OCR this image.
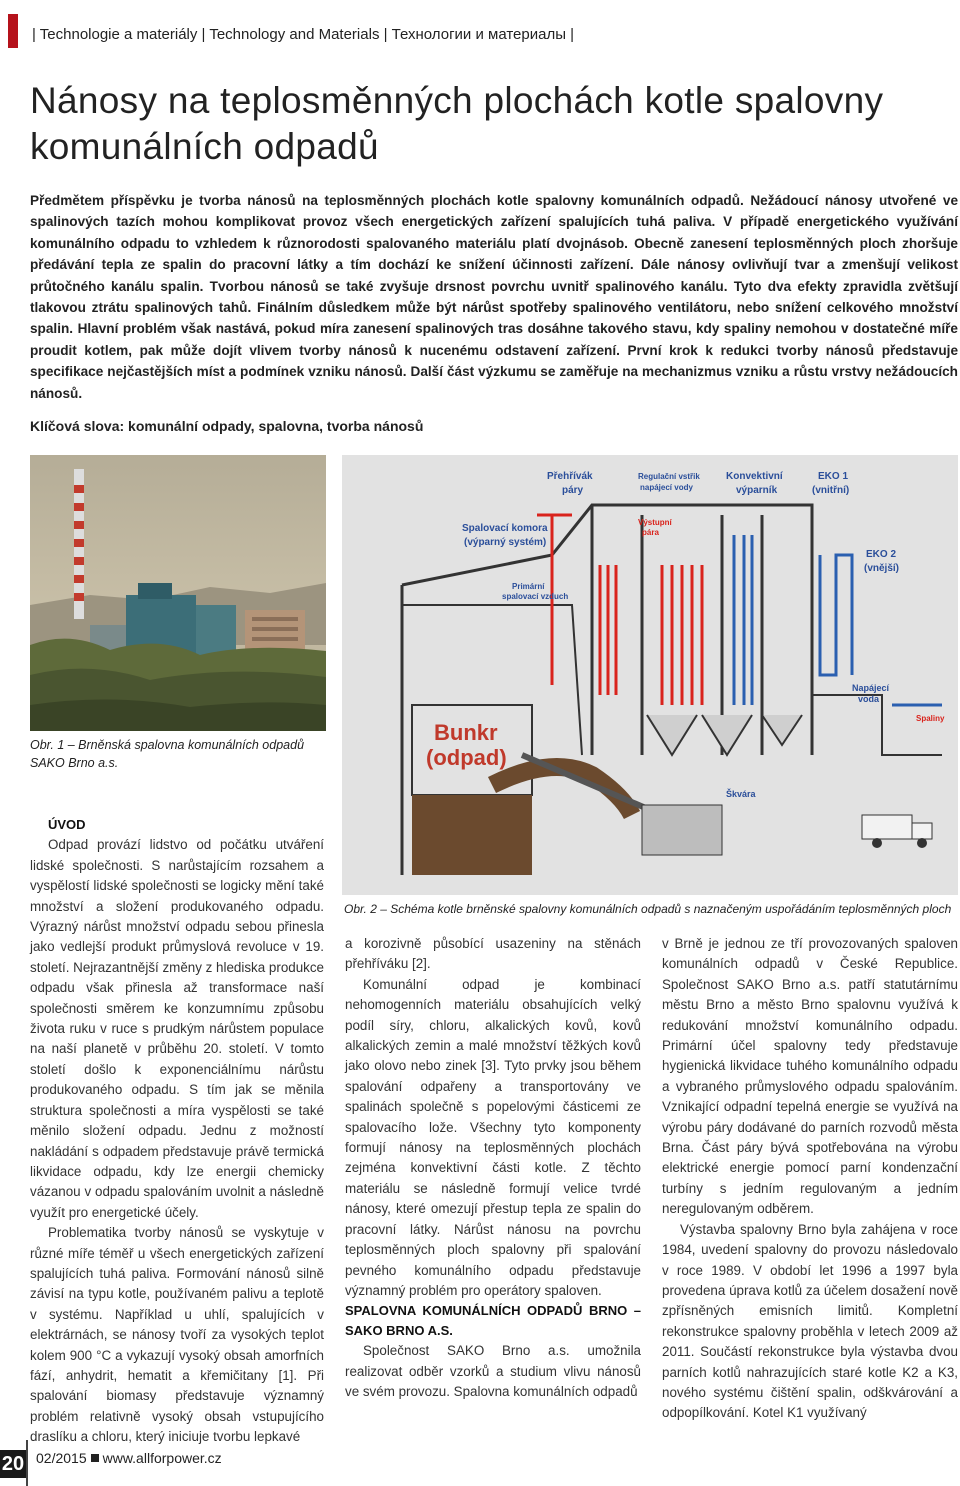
| Technologie a materiály | Technology and Materials | Технологии и материалы |
Nánosy na teplosměnných plochách kotle spalovny komunálních odpadů

Předmětem příspěvku je tvorba nánosů na teplosměnných plochách kotle spalovny komunálních odpadů. Nežádoucí nánosy utvořené ve spalinových tazích mohou komplikovat provoz všech energetických zařízení spalujících tuhá paliva. V případě energetického využívání komunálního odpadu to vzhledem k různorodosti spalovaného materiálu platí dvojnásob. Obecně zanesení teplosměnných ploch zhoršuje předávání tepla ze spalin do pracovní látky a tím dochází ke snížení účinnosti zařízení. Dále nánosy ovlivňují tvar a zmenšují velikost průtočného kanálu spalin. Tvorbou nánosů se také zvyšuje drsnost povrchu uvnitř spalinového kanálu. Tyto dva efekty zpravidla zvětšují tlakovou ztrátu spalinových tahů. Finálním důsledkem může být nárůst spotřeby spalinového ventilátoru, nebo snížení celkového množství spalin. Hlavní problém však nastává, pokud míra zanesení spalinových tras dosáhne takového stavu, kdy spaliny nemohou v dostatečné míře proudit kotlem, pak může dojít vlivem tvorby nánosů k nucenému odstavení zařízení. První krok k redukci tvorby nánosů představuje specifikace nejčastějších míst a podmínek vzniku nánosů. Další část výzkumu se zaměřuje na mechanizmus vzniku a růstu vrstvy nežádoucích nánosů.

Klíčová slova: komunální odpady, spalovna, tvorba nánosů
Obr. 1 – Brněnská spalovna komunálních odpadů SAKO Brno a.s.
Přehřívák
páry
Regulační vstřik
napájecí vody
Konvektivní
výparník
EKO 1
(vnitřní)
Spalovací komora
(výparný systém)
Výstupní
pára
EKO 2
(vnější)
Primární
spalovací vzduch
Napájecí
voda
Spaliny
Škvára
Bunkr
(odpad)
Obr. 2 – Schéma kotle brněnské spalovny komunálních odpadů s naznačeným uspořádáním teplosměnných ploch

ÚVOD

Odpad provází lidstvo od počátku utváření lidské společnosti. S narůstajícím rozsahem a vyspělostí lidské společnosti se logicky mění také množství a složení produkovaného odpadu. Výrazný nárůst množství odpadu sebou přinesla jako vedlejší produkt průmyslová revoluce v 19. století. Nejrazantnější změny z hlediska produkce odpadu však přinesla až transformace naší společnosti směrem ke konzumnímu způsobu života ruku v ruce s prudkým nárůstem populace na naší planetě v průběhu 20. století. V tomto století došlo k exponenciálnímu nárůstu produkovaného odpadu. S tím jak se měnila struktura společnosti a míra vyspělosti se také měnilo složení odpadu. Jednu z možností nakládání s odpadem představuje právě termická likvidace odpadu, kdy lze energii chemicky vázanou v odpadu spalováním uvolnit a následně využít pro energetické účely.

Problematika tvorby nánosů se vyskytuje v různé míře téměř u všech energetických zařízení spalujících tuhá paliva. Formování nánosů silně závisí na typu kotle, používaném palivu a teplotě v systému. Například u uhlí, spalujících v elektrárnách, se nánosy tvoří za vysokých teplot kolem 900 °C a vykazují vysoký obsah amorfních fází, anhydrit, hematit a křemičitany [1]. Při spalování biomasy představuje významný problém relativně vysoký obsah vstupujícího draslíku a chloru, který iniciuje tvorbu lepkavé

a korozivně působící usazeniny na stěnách přehříváku [2].

Komunální odpad je kombinací nehomogenních materiálu obsahujících velký podíl síry, chloru, alkalických kovů, kovů alkalických zemin a malé množství těžkých kovů jako olovo nebo zinek [3]. Tyto prvky jsou během spalování odpařeny a transportovány ve spalinách společně s popelovými částicemi ze spalovacího lože. Všechny tyto komponenty formují nánosy na teplosměnných plochách zejména konvektivní části kotle. Z těchto materiálu se následně formují velice tvrdé nánosy, které omezují přestup tepla ze spalin do pracovní látky. Nárůst nánosu na povrchu teplosměnných ploch spalovny při spalování pevného komunálního odpadu představuje významný problém pro operátory spaloven.

SPALOVNA KOMUNÁLNÍCH ODPADŮ BRNO – SAKO BRNO A.S.

Společnost SAKO Brno a.s. umožnila realizovat odběr vzorků a studium vlivu nánosů ve svém provozu. Spalovna komunálních odpadů

v Brně je jednou ze tří provozovaných spaloven komunálních odpadů v České Republice. Společnost SAKO Brno a.s. patří statutárnímu městu Brno a město Brno spalovnu využívá k redukování množství komunálního odpadu. Primární účel spalovny tedy představuje hygienická likvidace tuhého komunálního odpadu a vybraného průmyslového odpadu spalováním. Vznikající odpadní tepelná energie se využívá na výrobu páry dodávané do parních rozvodů města Brna. Část páry bývá spotřebována na výrobu elektrické energie pomocí parní kondenzační turbíny s jedním regulovaným a jedním neregulovaným odběrem.

Výstavba spalovny Brno byla zahájena v roce 1984, uvedení spalovny do provozu následovalo v roce 1989. V období let 1996 a 1997 byla provedena úprava kotlů za účelem dosažení nově zpřísněných emisních limitů. Kompletní rekonstrukce spalovny proběhla v letech 2009 až 2011. Součástí rekonstrukce byla výstavba dvou parních kotlů nahrazujících staré kotle K2 a K3, nového systému čištění spalin, odškvárování a odpopílkování. Kotel K1 využívaný

20 02/2015 www.allforpower.cz
